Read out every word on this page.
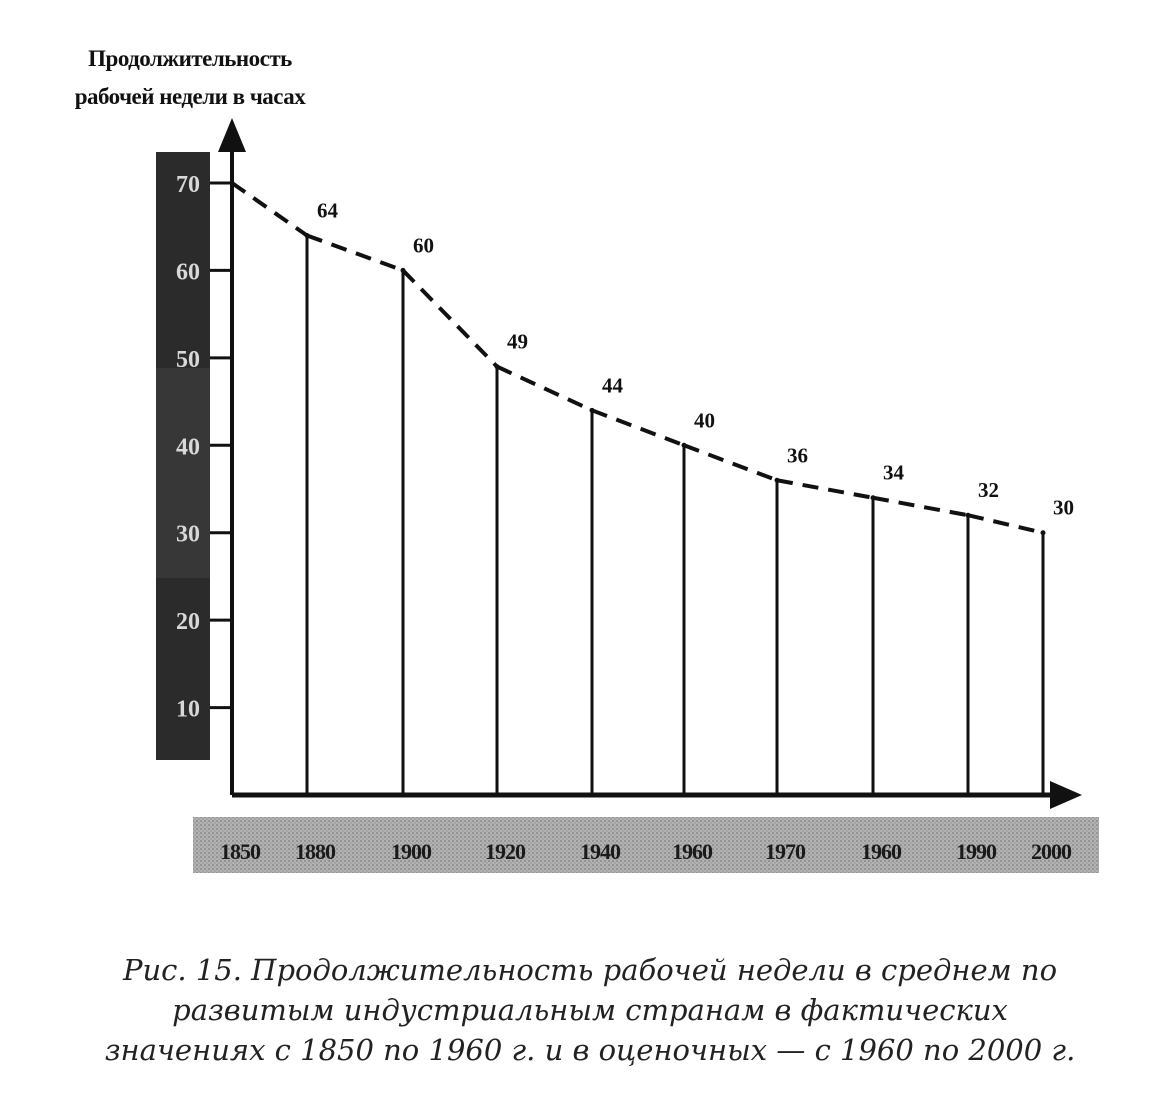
Продолжительность
рабочей недели в часах
10
20
30
40
50
60
70
64
60
49
44
40
36
34
32
30
1850 1880	1900 1920	1940 1960 1970	1960	1990 2000
Рис. 15. Продолжительность рабочей недели в среднем по
развитым индустриальным странам в фактических
значениях с 1850 по 1960 г. и в оценочных — с 1960 по 2000 г.
